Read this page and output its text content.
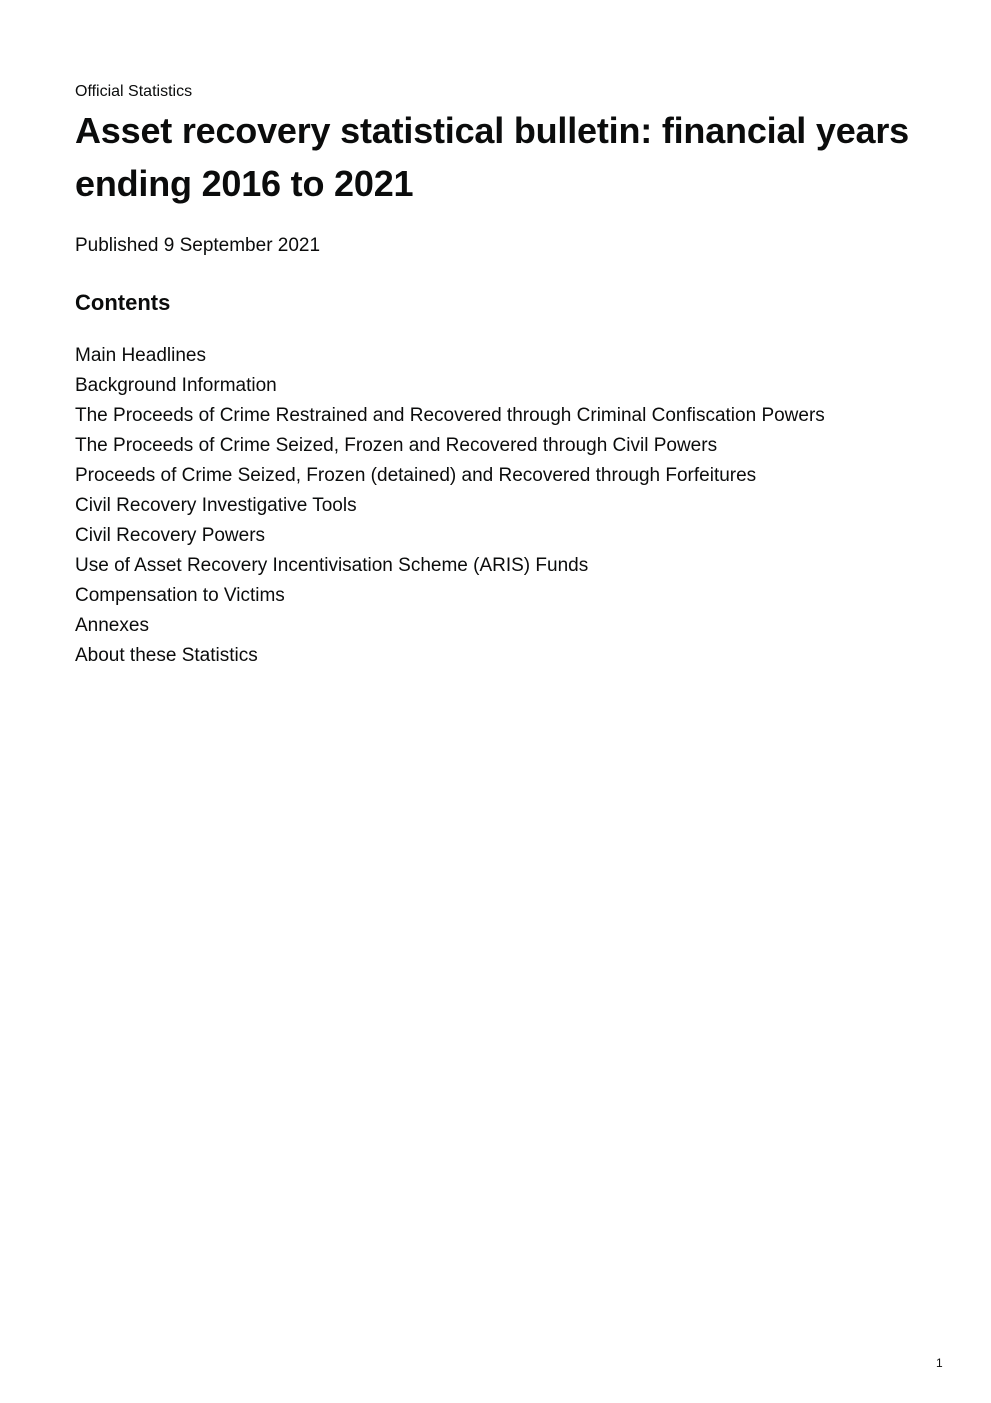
Official Statistics
Asset recovery statistical bulletin: financial years ending 2016 to 2021
Published 9 September 2021
Contents
Main Headlines
Background Information
The Proceeds of Crime Restrained and Recovered through Criminal Confiscation Powers
The Proceeds of Crime Seized, Frozen and Recovered through Civil Powers
Proceeds of Crime Seized, Frozen (detained) and Recovered through Forfeitures
Civil Recovery Investigative Tools
Civil Recovery Powers
Use of Asset Recovery Incentivisation Scheme (ARIS) Funds
Compensation to Victims
Annexes
About these Statistics
1
